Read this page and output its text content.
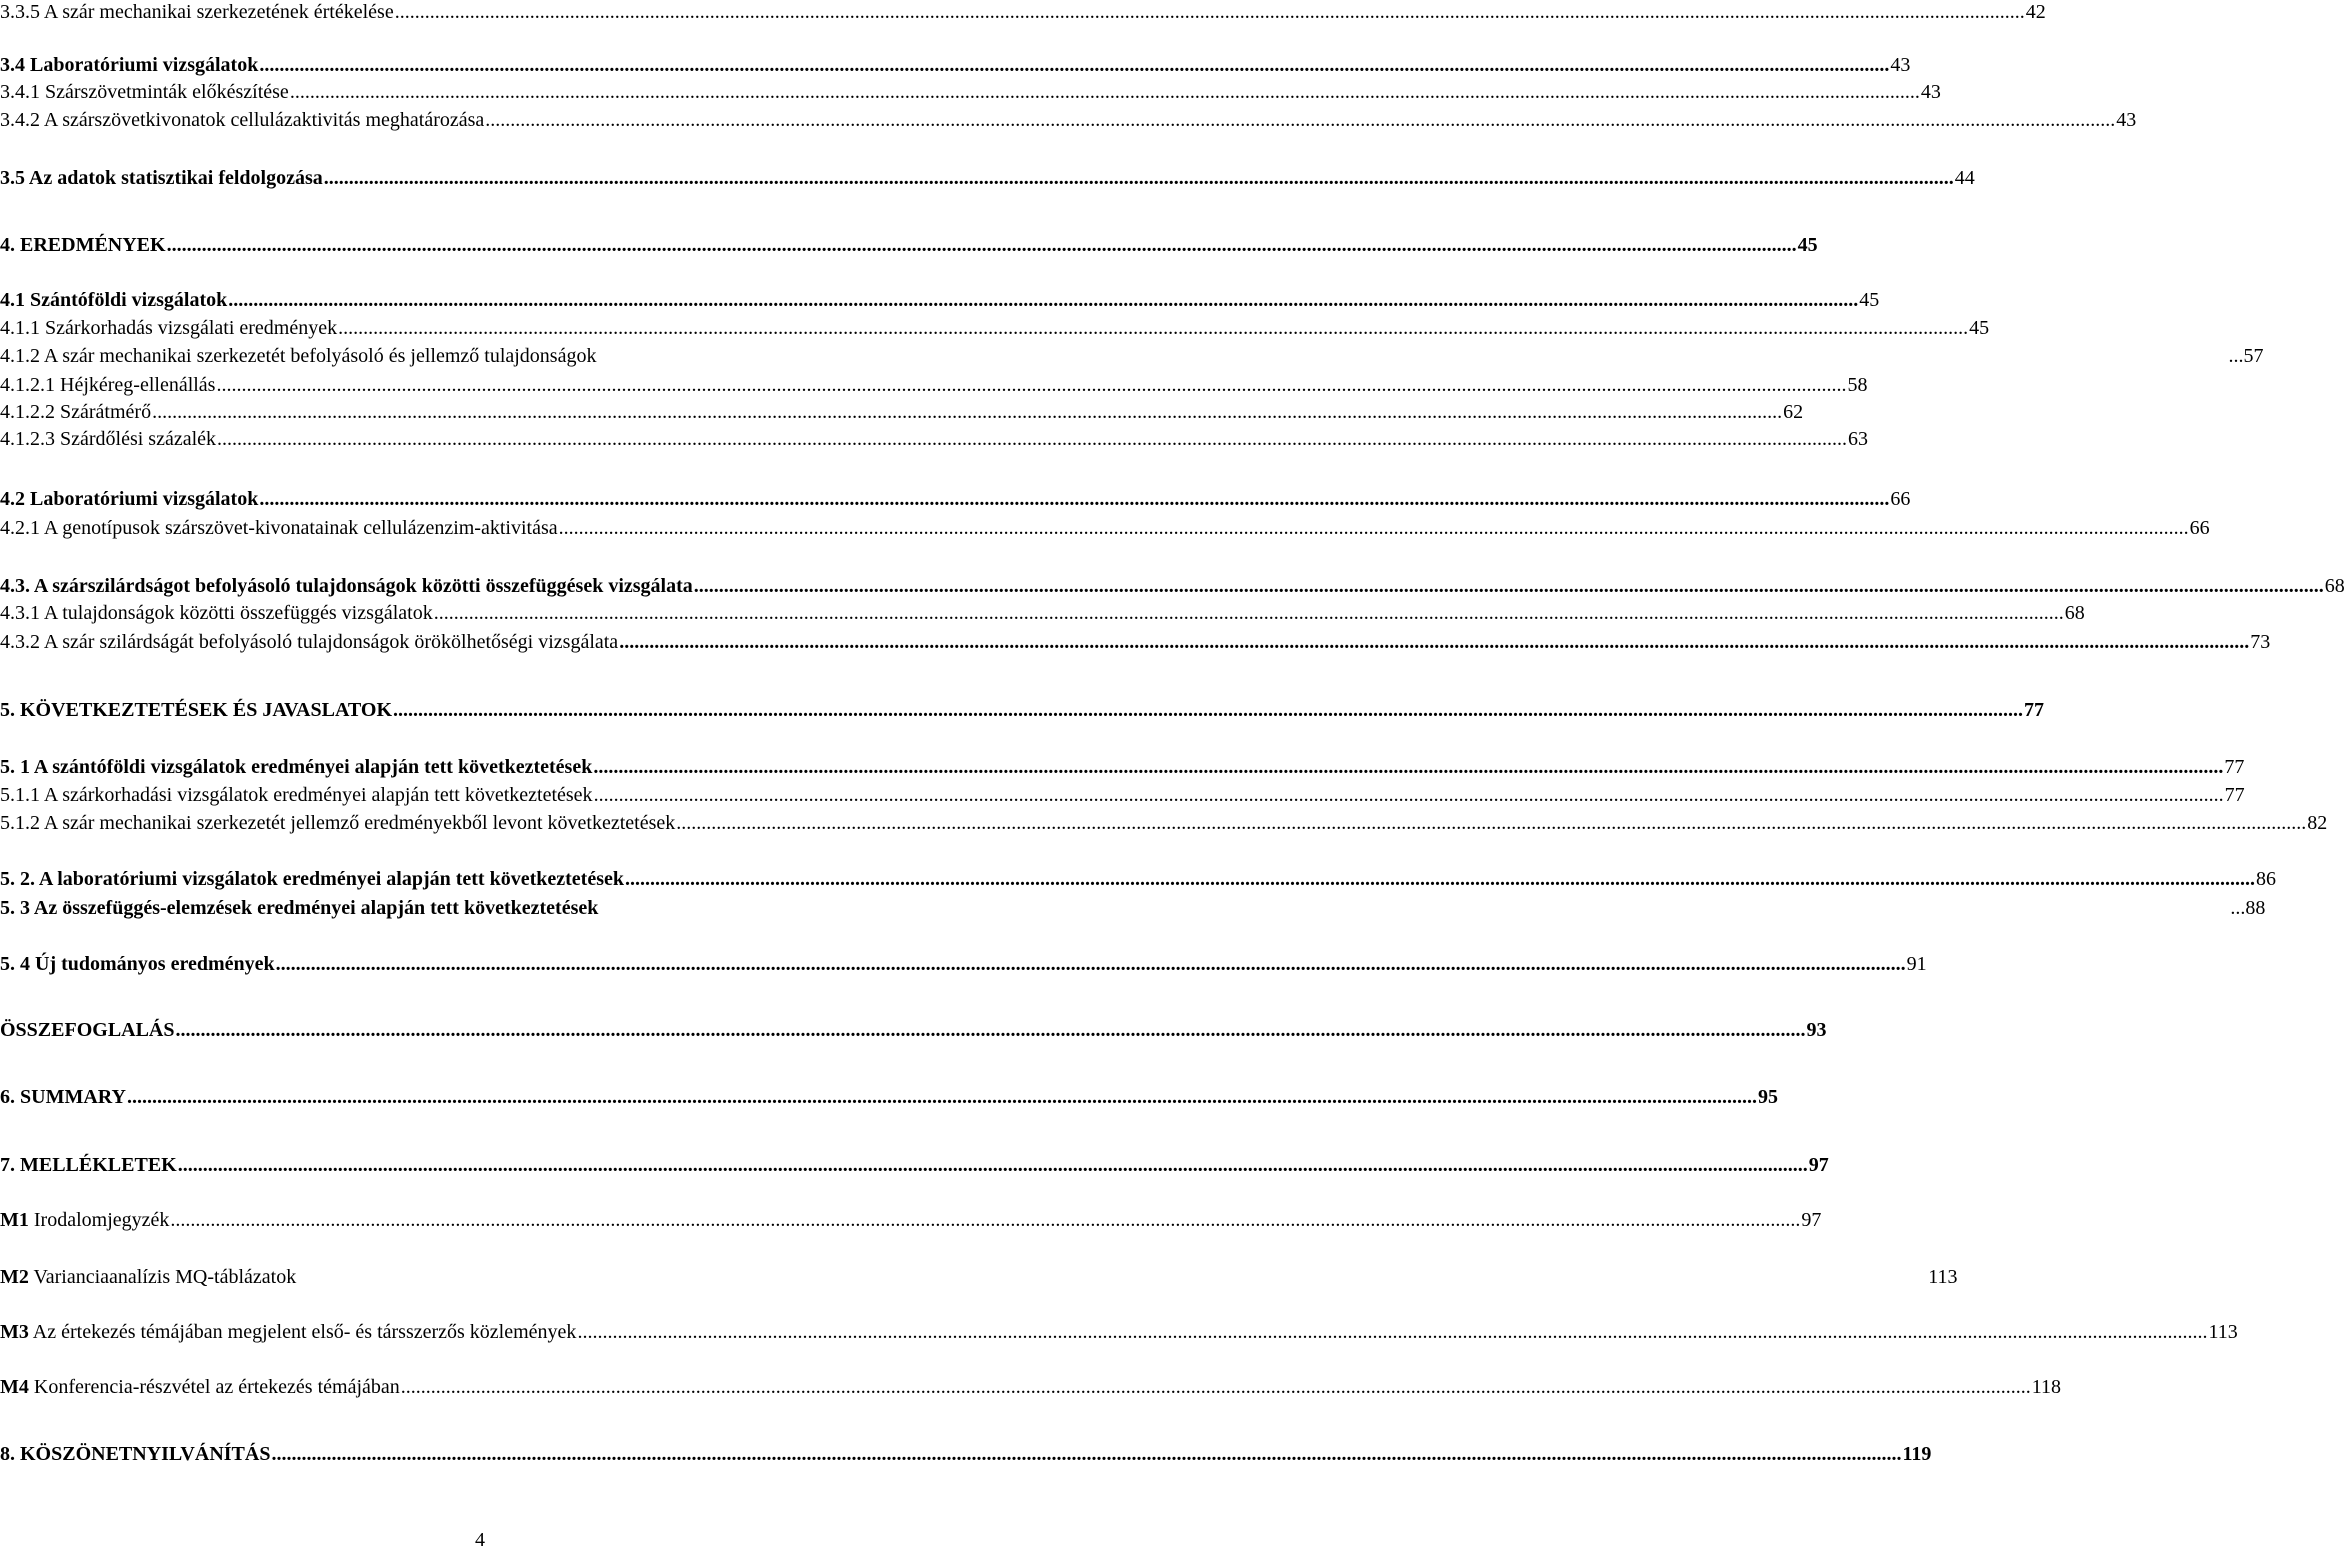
3.3.5 A szár mechanikai szerkezetének értékelése .....	42
3.4 Laboratóriumi vizsgálatok .....	43
3.4.1 Szárszövetminták előkészítése .....	43
3.4.2 A szárszövetkivonatok cellulázaktivitás meghatározása .....	43
3.5 Az adatok statisztikai feldolgozása .....	44
4. EREDMÉNYEK .....	45
4.1 Szántóföldi vizsgálatok .....	45
4.1.1 Szárkorhadás vizsgálati eredmények .....	45
4.1.2 A szár mechanikai szerkezetét befolyásoló és jellemző tulajdonságok	...57
4.1.2.1 Héjkéreg-ellenállás .....	58
4.1.2.2 Szárátmérő .....	62
4.1.2.3 Szárdőlési százalék .....	63
4.2 Laboratóriumi vizsgálatok .....	66
4.2.1 A genotípusok szárszövet-kivonatainak cellulázenzim-aktivitása .....	66
4.3. A szárszilárdságot befolyásoló tulajdonságok közötti összefüggések vizsgálata .....	68
4.3.1 A tulajdonságok közötti összefüggés vizsgálatok .....	68
4.3.2 A szár szilárdságát befolyásoló tulajdonságok örökölhetőségi vizsgálata .....	73
5. KÖVETKEZTETÉSEK ÉS JAVASLATOK .....	77
5. 1 A szántóföldi vizsgálatok eredményei alapján tett következtetések .....	77
5.1.1 A szárkorhadási vizsgálatok eredményei alapján tett következtetések .....	77
5.1.2 A szár mechanikai szerkezetét jellemző eredményekből levont következtetések .....	82
5. 2. A laboratóriumi vizsgálatok eredményei alapján tett következtetések .....	86
5. 3 Az összefüggés-elemzések eredményei alapján tett következtetések	...88
5. 4 Új tudományos eredmények .....	91
ÖSSZEFOGLALÁS .....	93
6. SUMMARY .....	95
7. MELLÉKLETEK .....	97
M1 Irodalomjegyzék .....	97
M2 Varianciaanalízis MQ-táblázatok	113
M3 Az értekezés témájában megjelent első- és társszerzős közlemények .....	113
M4 Konferencia-részvétel az értekezés témájában .....	118
8. KÖSZÖNETNYILVÁNÍTÁS .....	119
4
